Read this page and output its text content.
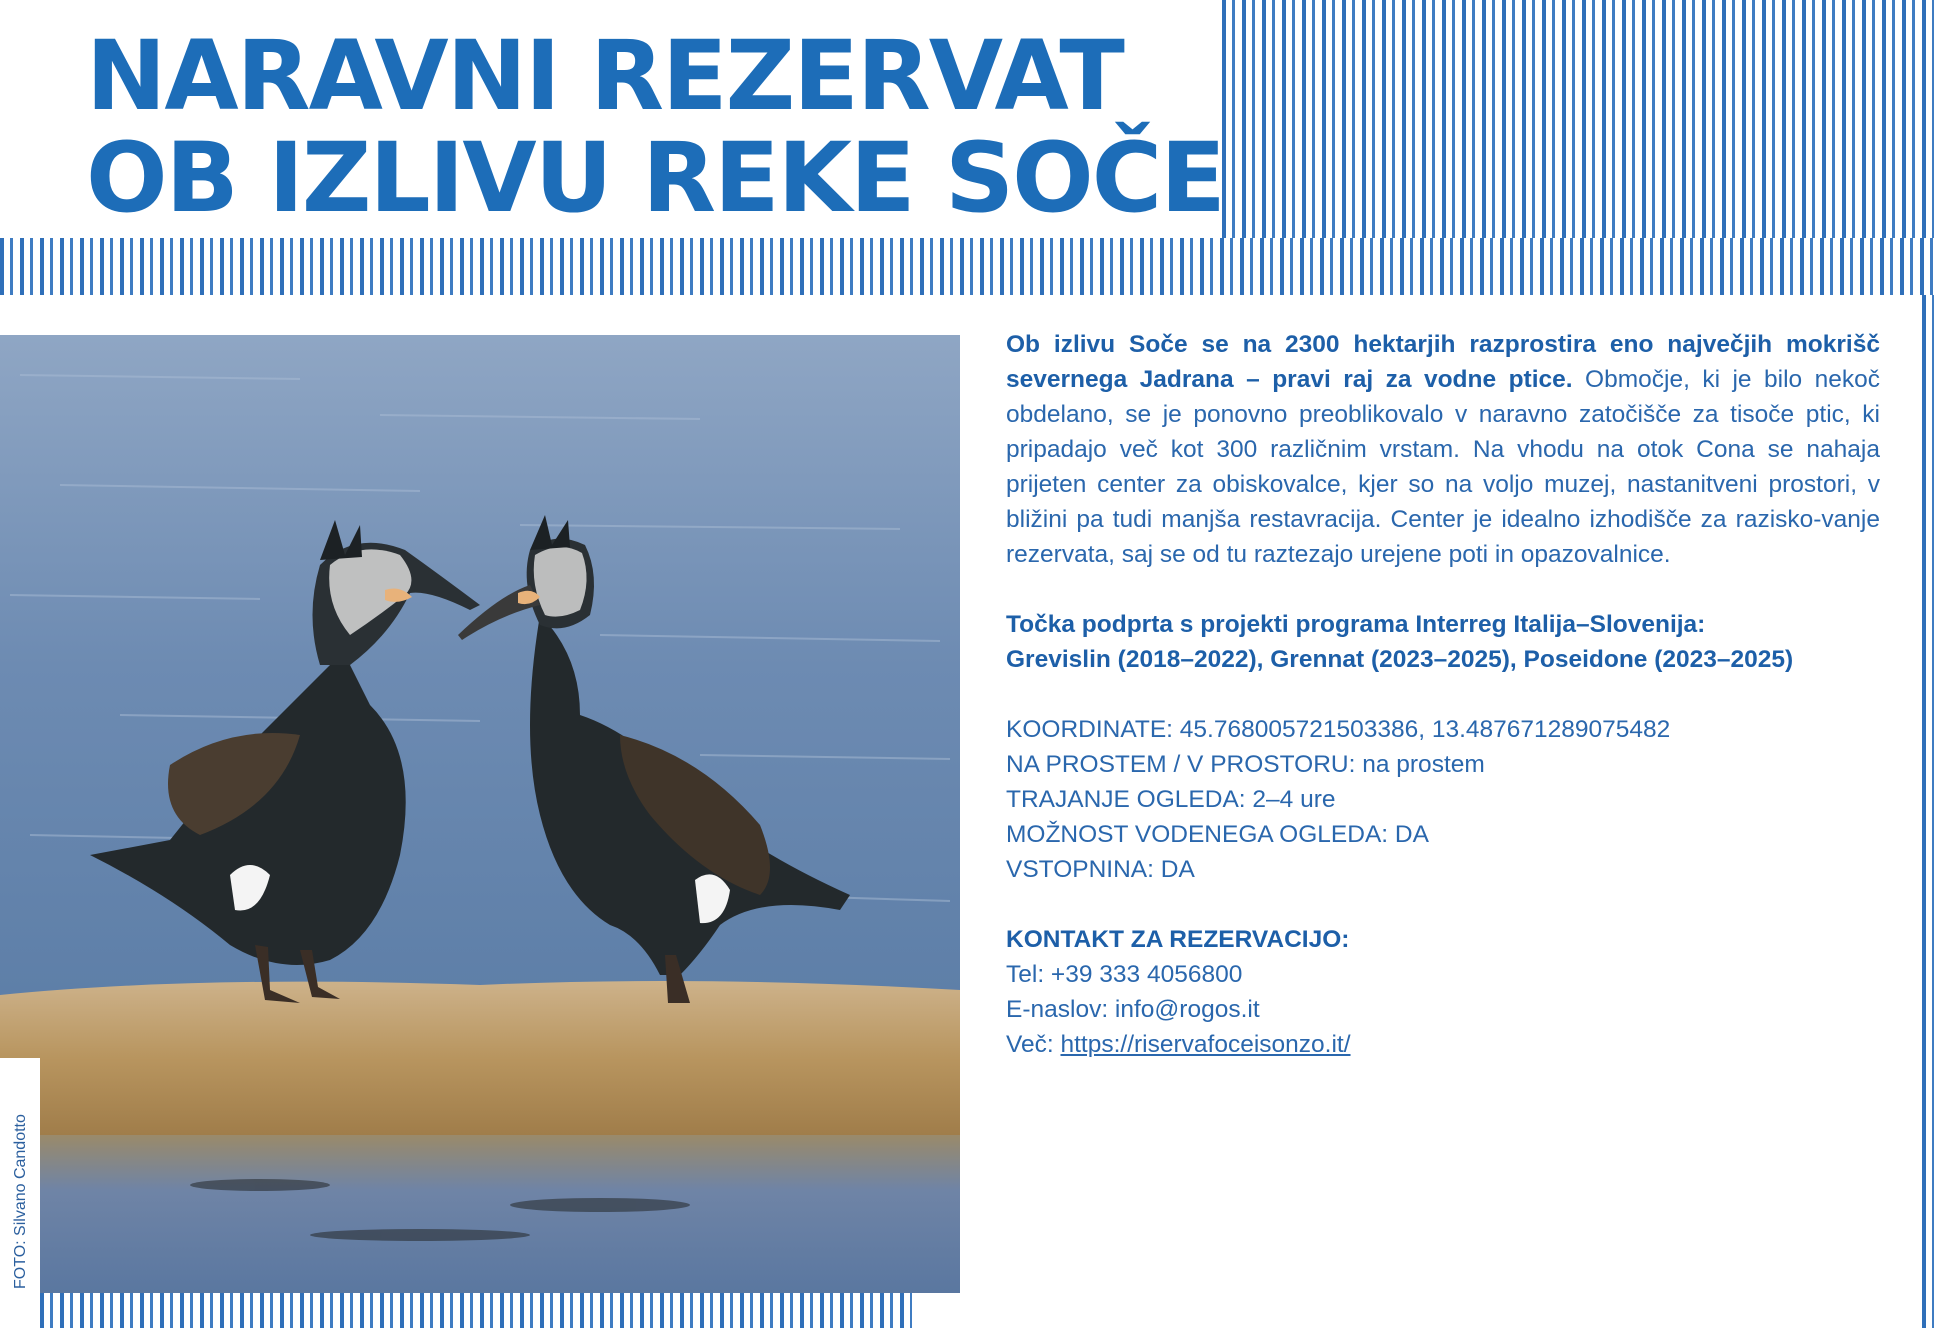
NARAVNI REZERVAT
OB IZLIVU REKE SOČE
FOTO: Silvano Candotto

Ob izlivu Soče se na 2300 hektarjih razprostira eno največjih mokrišč severnega Jadrana – pravi raj za vodne ptice. Območje, ki je bilo nekoč obdelano, se je ponovno preoblikovalo v naravno zatočišče za tisoče ptic, ki pripadajo več kot 300 različnim vrstam. Na vhodu na otok Cona se nahaja prijeten center za obiskovalce, kjer so na voljo muzej, nastanitveni prostori, v bližini pa tudi manjša restavracija. Center je idealno izhodišče za razisko-vanje rezervata, saj se od tu raztezajo urejene poti in opazovalnice.

Točka podprta s projekti programa Interreg Italija–Slovenija:

Grevislin (2018–2022), Grennat (2023–2025), Poseidone (2023–2025)

KOORDINATE: 45.768005721503386, 13.487671289075482

NA PROSTEM / V PROSTORU: na prostem

TRAJANJE OGLEDA: 2–4 ure

MOŽNOST VODENEGA OGLEDA: DA

VSTOPNINA: DA

KONTAKT ZA REZERVACIJO:

Tel: +39 333 4056800

E-naslov: info@rogos.it

Več: https://riservafoceisonzo.it/
